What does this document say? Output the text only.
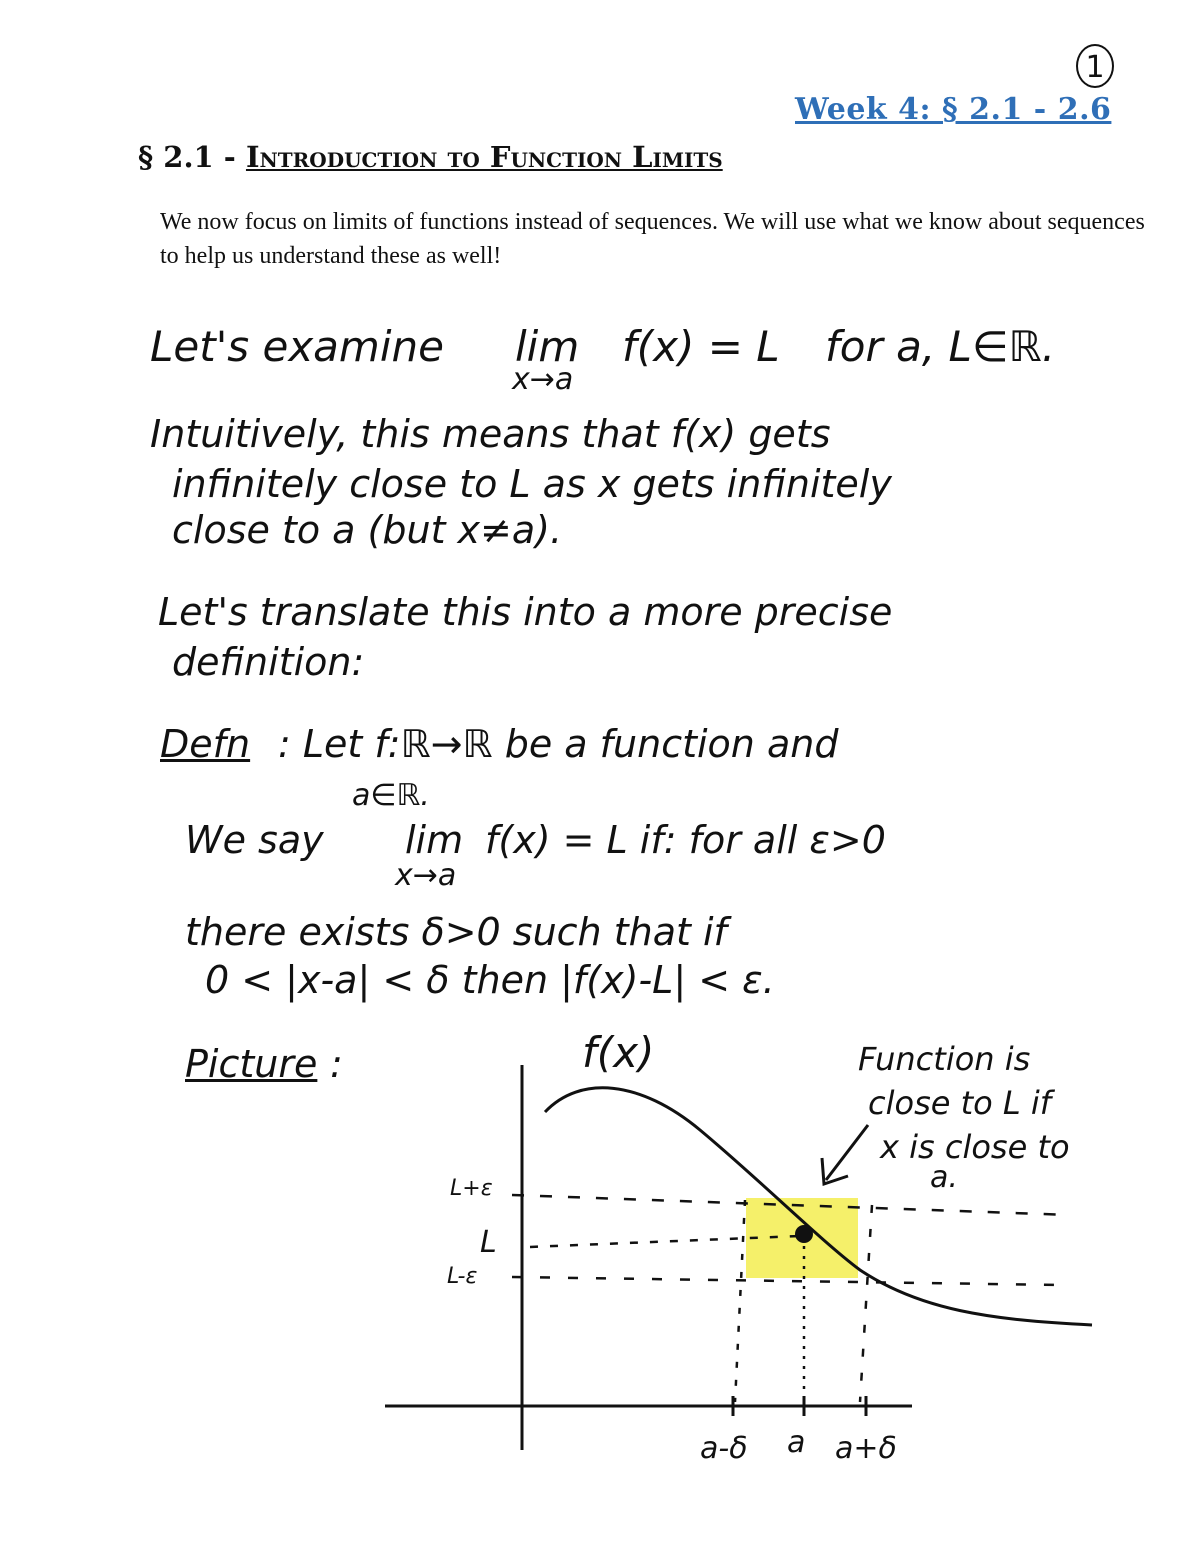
1
Week 4: § 2.1 - 2.6
§ 2.1 - Introduction to Function Limits
We now focus on limits of functions instead of sequences. We will use what we know about sequences to help us understand these as well!
Let's examine lim
x→a
f(x) = L for a, L∈ℝ.
Intuitively, this means that f(x) gets
infinitely close to L as x gets infinitely
close to a (but x≠a).
Let's translate this into a more precise
definition:
Defn : Let f:ℝ→ℝ be a function and
a∈ℝ.
We say lim
x→a
f(x) = L if: for all ε>0
there exists δ>0 such that if
0 < |x-a| < δ then |f(x)-L| < ε.
Picture :	f(x)	Function is
close to L if
x is close to
a.
L+ε
L
L-ε
a-δ a a+δ
